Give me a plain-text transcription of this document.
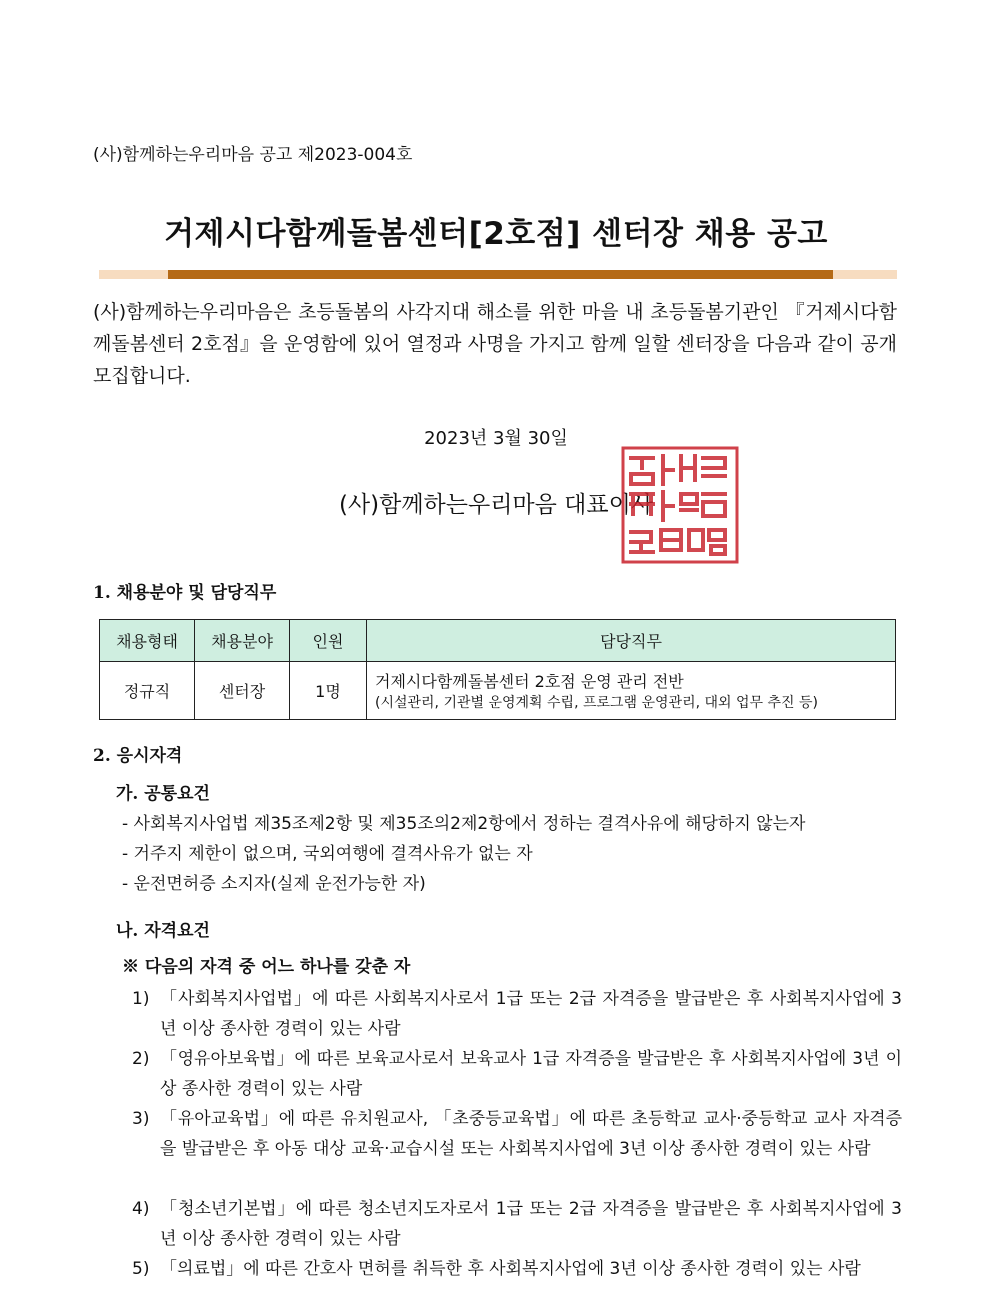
(사)함께하는우리마음 공고 제2023-004호
거제시다함께돌봄센터[2호점] 센터장 채용 공고
(사)함께하는우리마음은 초등돌봄의 사각지대 해소를 위한 마을 내 초등돌봄기관인 『거제시다함께돌봄센터 2호점』을 운영함에 있어 열정과 사명을 가지고 함께 일할 센터장을 다음과 같이 공개 모집합니다.
2023년 3월 30일
(사)함께하는우리마음 대표이사
1. 채용분야 및 담당직무
채용형태	채용분야	인원	담당직무
정규직	센터장	1명	거제시다함께돌봄센터 2호점 운영 관리 전반
(시설관리, 기관별 운영계획 수립, 프로그램 운영관리, 대외 업무 추진 등)
2. 응시자격
가. 공통요건
- 사회복지사업법 제35조제2항 및 제35조의2제2항에서 정하는 결격사유에 해당하지 않는자
- 거주지 제한이 없으며, 국외여행에 결격사유가 없는 자
- 운전면허증 소지자(실제 운전가능한 자)
나. 자격요건
※ 다음의 자격 중 어느 하나를 갖춘 자
1) 「사회복지사업법」에 따른 사회복지사로서 1급 또는 2급 자격증을 발급받은 후 사회복지사업에 3년 이상 종사한 경력이 있는 사람
2) 「영유아보육법」에 따른 보육교사로서 보육교사 1급 자격증을 발급받은 후 사회복지사업에 3년 이상 종사한 경력이 있는 사람
3) 「유아교육법」에 따른 유치원교사, 「초중등교육법」에 따른 초등학교 교사·중등학교 교사 자격증을 발급받은 후 아동 대상 교육·교습시설 또는 사회복지사업에 3년 이상 종사한 경력이 있는 사람
4) 「청소년기본법」에 따른 청소년지도자로서 1급 또는 2급 자격증을 발급받은 후 사회복지사업에 3년 이상 종사한 경력이 있는 사람
5) 「의료법」에 따른 간호사 면허를 취득한 후 사회복지사업에 3년 이상 종사한 경력이 있는 사람
